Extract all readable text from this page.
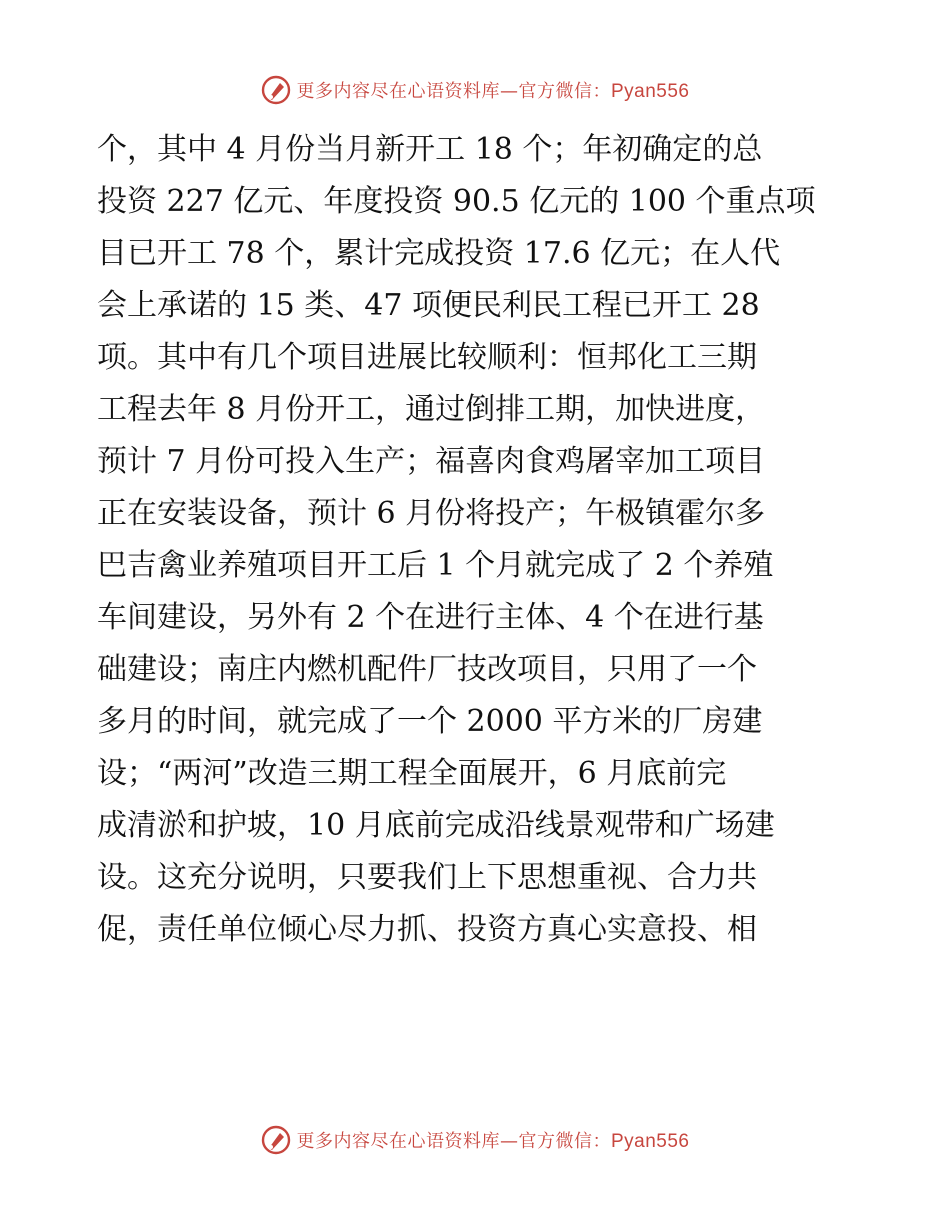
更多内容尽在心语资料库—官方微信：Pyan556
个，其中 4 月份当月新开工 18 个；年初确定的总
投资 227 亿元、年度投资 90.5 亿元的 100 个重点项
目已开工 78 个，累计完成投资 17.6 亿元；在人代
会上承诺的 15 类、47 项便民利民工程已开工 28
项。其中有几个项目进展比较顺利：恒邦化工三期
工程去年 8 月份开工，通过倒排工期，加快进度，
预计 7 月份可投入生产；福喜肉食鸡屠宰加工项目
正在安装设备，预计 6 月份将投产；午极镇霍尔多
巴吉禽业养殖项目开工后 1 个月就完成了 2 个养殖
车间建设，另外有 2 个在进行主体、4 个在进行基
础建设；南庄内燃机配件厂技改项目，只用了一个
多月的时间，就完成了一个 2000 平方米的厂房建
设；“两河”改造三期工程全面展开，6 月底前完
成清淤和护坡，10 月底前完成沿线景观带和广场建
设。这充分说明，只要我们上下思想重视、合力共
促，责任单位倾心尽力抓、投资方真心实意投、相
更多内容尽在心语资料库—官方微信：Pyan556
